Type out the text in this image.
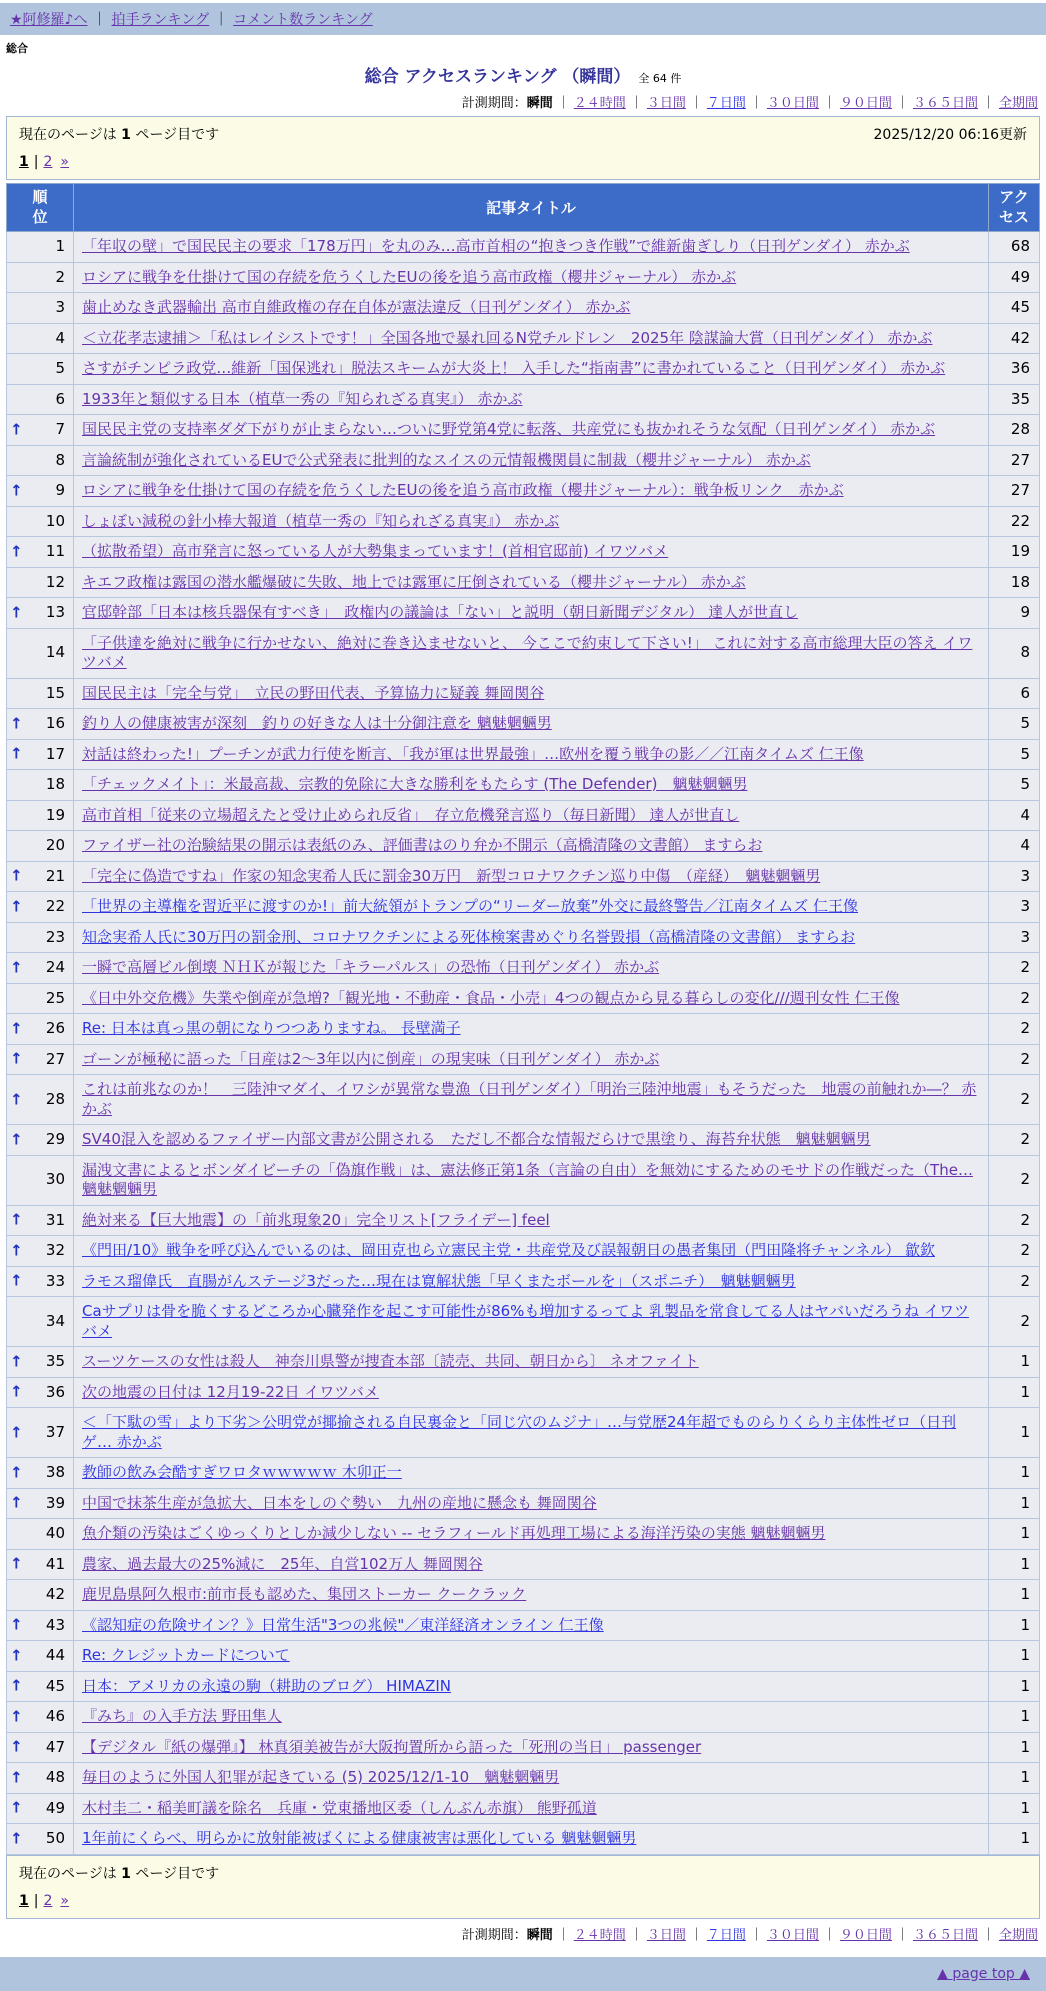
★阿修羅♪へ ｜ 拍手ランキング ｜ コメント数ランキング
総合
総合 アクセスランキング （瞬間） 全 64 件
計測期間：瞬間 ｜ ２４時間 ｜ ３日間 ｜ ７日間 ｜ ３０日間 ｜ ９０日間 ｜ ３６５日間 ｜ 全期間
現在のページは 1 ページ目です	2025/12/20 06:16更新
1 | 2 »
順位	記事タイトル	アクセス

1	「年収の壁」で国民民主の要求「178万円」を丸のみ…高市首相の“抱きつき作戦”で維新歯ぎしり（日刊ゲンダイ） 赤かぶ	68
2	ロシアに戦争を仕掛けて国の存続を危うくしたEUの後を追う高市政権（櫻井ジャーナル） 赤かぶ	49
3	歯止めなき武器輸出 高市自維政権の存在自体が憲法違反（日刊ゲンダイ） 赤かぶ	45
4	＜立花孝志逮捕＞「私はレイシストです！」全国各地で暴れ回るN党チルドレン　2025年 陰謀論大賞（日刊ゲンダイ） 赤かぶ	42
5	さすがチンピラ政党…維新「国保逃れ」脱法スキームが大炎上！ 入手した“指南書”に書かれていること（日刊ゲンダイ） 赤かぶ	36
6	1933年と類似する日本（植草一秀の『知られざる真実』） 赤かぶ	35

↑ 7	国民民主党の支持率ダダ下がりが止まらない…ついに野党第4党に転落、共産党にも抜かれそうな気配（日刊ゲンダイ） 赤かぶ	28
8	言論統制が強化されているEUで公式発表に批判的なスイスの元情報機関員に制裁（櫻井ジャーナル） 赤かぶ	27

↑ 9	ロシアに戦争を仕掛けて国の存続を危うくしたEUの後を追う高市政権（櫻井ジャーナル）：戦争板リンク　赤かぶ	27
10	しょぼい減税の針小棒大報道（植草一秀の『知られざる真実』） 赤かぶ	22

↑ 11	（拡散希望）高市発言に怒っている人が大勢集まっています！(首相官邸前) イワツバメ	19
12	キエフ政権は露国の潜水艦爆破に失敗、地上では露軍に圧倒されている（櫻井ジャーナル） 赤かぶ	18

↑ 13	官邸幹部「日本は核兵器保有すべき」　政権内の議論は「ない」と説明（朝日新聞デジタル） 達人が世直し	9
14	「子供達を絶対に戦争に行かせない、絶対に巻き込ませないと、 今ここで約束して下さい!」 これに対する高市総理大臣の答え イワツバメ	8
15	国民民主は「完全与党」　立民の野田代表、予算協力に疑義 舞岡関谷	6

↑ 16	釣り人の健康被害が深刻　釣りの好きな人は十分御注意を 魑魅魍魎男	5

↑ 17	対話は終わった!」プーチンが武力行使を断言、「我が軍は世界最強」…欧州を覆う戦争の影／／江南タイムズ 仁王像	5
18	「チェックメイト」：米最高裁、宗教的免除に大きな勝利をもたらす (The Defender)　魑魅魍魎男	5
19	高市首相「従来の立場超えたと受け止められ反省」　存立危機発言巡り（毎日新聞） 達人が世直し	4
20	ファイザー社の治験結果の開示は表紙のみ、評価書はのり弁か不開示（高橋清隆の文書館） ますらお	4

↑ 21	「完全に偽造ですね」作家の知念実希人氏に罰金30万円　新型コロナワクチン巡り中傷　（産経）　魑魅魍魎男	3

↑ 22	「世界の主導権を習近平に渡すのか!」前大統領がトランプの“リーダー放棄”外交に最終警告／江南タイムズ 仁王像	3
23	知念実希人氏に30万円の罰金刑、コロナワクチンによる死体検案書めぐり名誉毀損（高橋清隆の文書館） ますらお	3

↑ 24	一瞬で高層ビル倒壊 ＮＨＫが報じた「キラーパルス」の恐怖（日刊ゲンダイ） 赤かぶ	2
25	《日中外交危機》失業や倒産が急増?「観光地・不動産・食品・小売」4つの観点から見る暮らしの変化///週刊女性 仁王像	2

↑ 26	Re: 日本は真っ黒の朝になりつつありますね。 長壁満子	2

↑ 27	ゴーンが極秘に語った「日産は2～3年以内に倒産」の現実味（日刊ゲンダイ） 赤かぶ	2

↑ 28	これは前兆なのか！　三陸沖マダイ、イワシが異常な豊漁（日刊ゲンダイ）「明治三陸沖地震」もそうだった　地震の前触れか―？ 赤かぶ	2

↑ 29	SV40混入を認めるファイザー内部文書が公開される　ただし不都合な情報だらけで黒塗り、海苔弁状態　魑魅魍魎男	2
30	漏洩文書によるとボンダイビーチの「偽旗作戦」は、憲法修正第1条（言論の自由）を無効にするためのモサドの作戦だった（The… 魑魅魍魎男	2

↑ 31	絶対来る【巨大地震】の「前兆現象20」完全リスト[フライデー] feel	2

↑ 32	《門田/10》戦争を呼び込んでいるのは、岡田克也ら立憲民主党・共産党及び誤報朝日の愚者集団（門田隆将チャンネル） 歙欽	2

↑ 33	ラモス瑠偉氏　直腸がんステージ3だった…現在は寛解状態「早くまたボールを」（スポニチ）　魑魅魍魎男	2
34	Caサプリは骨を脆くするどころか心臓発作を起こす可能性が86%も増加するってよ 乳製品を常食してる人はヤバいだろうね イワツバメ	2

↑ 35	スーツケースの女性は殺人　神奈川県警が捜査本部〔読売、共同、朝日から〕 ネオファイト	1

↑ 36	次の地震の日付は 12月19-22日 イワツバメ	1

↑ 37	＜「下駄の雪」より下劣＞公明党が揶揄される自民裏金と「同じ穴のムジナ」…与党歴24年超でものらりくらり主体性ゼロ（日刊ゲ… 赤かぶ	1

↑ 38	教師の飲み会酷すぎワロタｗｗｗｗｗ 木卯正一	1

↑ 39	中国で抹茶生産が急拡大、日本をしのぐ勢い　九州の産地に懸念も 舞岡関谷	1
40	魚介類の汚染はごくゆっくりとしか減少しない -- セラフィールド再処理工場による海洋汚染の実態 魑魅魍魎男	1

↑ 41	農家、過去最大の25%減に　25年、自営102万人 舞岡関谷	1
42	鹿児島県阿久根市:前市長も認めた、集団ストーカー クークラック	1

↑ 43	《認知症の危険サイン？》日常生活"3つの兆候"／東洋経済オンライン 仁王像	1

↑ 44	Re: クレジットカードについて	1

↑ 45	日本：アメリカの永遠の駒（耕助のブログ） HIMAZIN	1

↑ 46	『みち』の入手方法 野田隼人	1

↑ 47	【デジタル『紙の爆弾』】 林真須美被告が大阪拘置所から語った「死刑の当日」 passenger	1

↑ 48	毎日のように外国人犯罪が起きている (5) 2025/12/1-10　魑魅魍魎男	1

↑ 49	木村圭二・稲美町議を除名　兵庫・党東播地区委（しんぶん赤旗） 熊野孤道	1

↑ 50	1年前にくらべ、明らかに放射能被ばくによる健康被害は悪化している 魑魅魍魎男	1
現在のページは 1 ページ目です
1 | 2 »
計測期間：瞬間 ｜ ２４時間 ｜ ３日間 ｜ ７日間 ｜ ３０日間 ｜ ９０日間 ｜ ３６５日間 ｜ 全期間
▲ page top ▲
